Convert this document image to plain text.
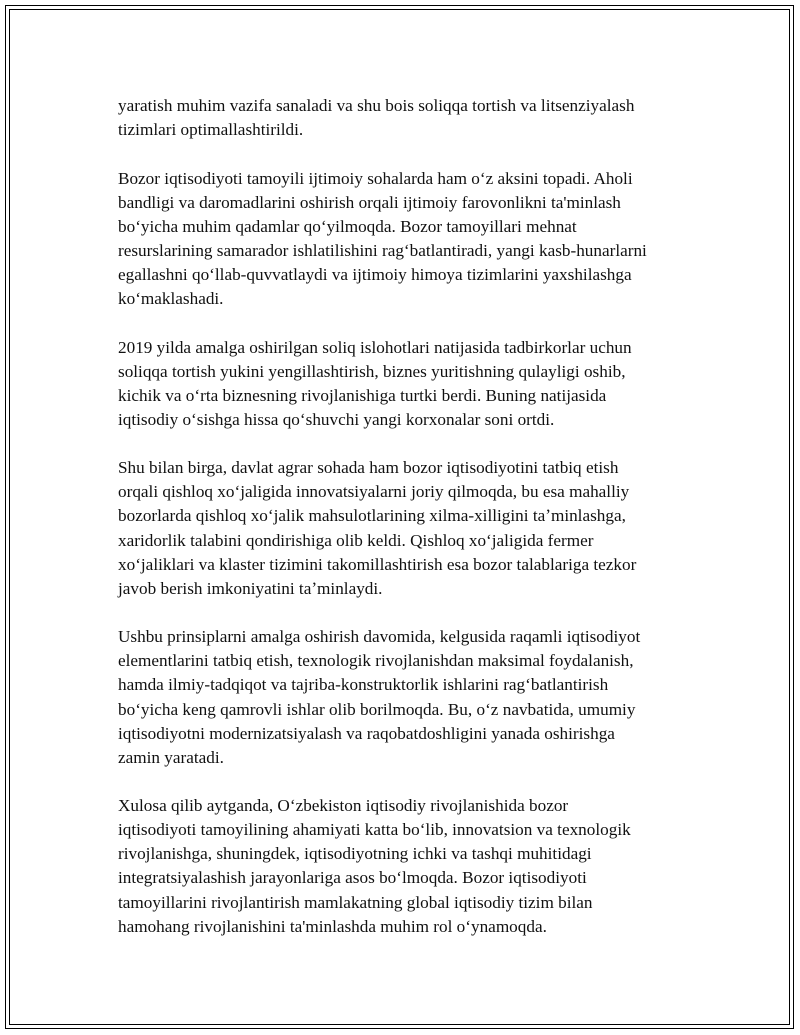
yaratish muhim vazifa sanaladi va shu bois soliqqa tortish va litsenziyalash
tizimlari optimallashtirildi.

Bozor iqtisodiyoti tamoyili ijtimoiy sohalarda ham oʻz aksini topadi. Aholi
bandligi va daromadlarini oshirish orqali ijtimoiy farovonlikni ta'minlash
boʻyicha muhim qadamlar qoʻyilmoqda. Bozor tamoyillari mehnat
resurslarining samarador ishlatilishini ragʻbatlantiradi, yangi kasb-hunarlarni
egallashni qoʻllab-quvvatlaydi va ijtimoiy himoya tizimlarini yaxshilashga
koʻmaklashadi.

2019 yilda amalga oshirilgan soliq islohotlari natijasida tadbirkorlar uchun
soliqqa tortish yukini yengillashtirish, biznes yuritishning qulayligi oshib,
kichik va oʻrta biznesning rivojlanishiga turtki berdi. Buning natijasida
iqtisodiy oʻsishga hissa qoʻshuvchi yangi korxonalar soni ortdi.

Shu bilan birga, davlat agrar sohada ham bozor iqtisodiyotini tatbiq etish
orqali qishloq xoʻjaligida innovatsiyalarni joriy qilmoqda, bu esa mahalliy
bozorlarda qishloq xoʻjalik mahsulotlarining xilma-xilligini taʼminlashga,
xaridorlik talabini qondirishiga olib keldi. Qishloq xoʻjaligida fermer
xoʻjaliklari va klaster tizimini takomillashtirish esa bozor talablariga tezkor
javob berish imkoniyatini taʼminlaydi.

Ushbu prinsiplarni amalga oshirish davomida, kelgusida raqamli iqtisodiyot
elementlarini tatbiq etish, texnologik rivojlanishdan maksimal foydalanish,
hamda ilmiy-tadqiqot va tajriba-konstruktorlik ishlarini ragʻbatlantirish
boʻyicha keng qamrovli ishlar olib borilmoqda. Bu, oʻz navbatida, umumiy
iqtisodiyotni modernizatsiyalash va raqobatdoshligini yanada oshirishga
zamin yaratadi.

Xulosa qilib aytganda, Oʻzbekiston iqtisodiy rivojlanishida bozor
iqtisodiyoti tamoyilining ahamiyati katta boʻlib, innovatsion va texnologik
rivojlanishga, shuningdek, iqtisodiyotning ichki va tashqi muhitidagi
integratsiyalashish jarayonlariga asos boʻlmoqda. Bozor iqtisodiyoti
tamoyillarini rivojlantirish mamlakatning global iqtisodiy tizim bilan
hamohang rivojlanishini ta'minlashda muhim rol oʻynamoqda.
